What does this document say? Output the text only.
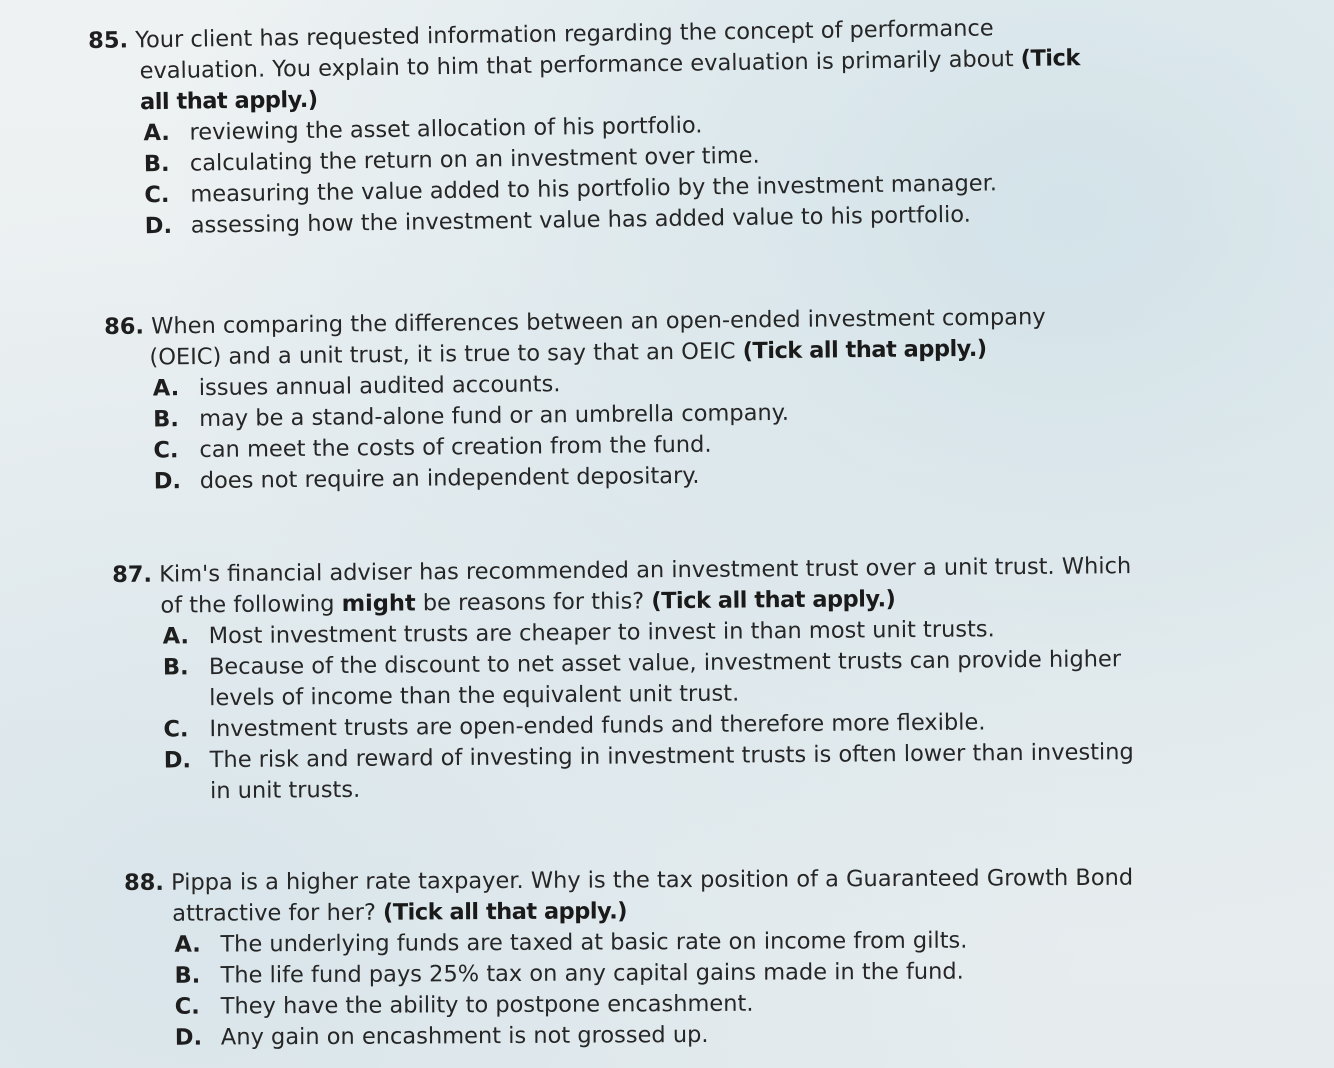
85. Your client has requested information regarding the concept of performance
evaluation. You explain to him that performance evaluation is primarily about (Tick
all that apply.)
A. reviewing the asset allocation of his portfolio.
B. calculating the return on an investment over time.
C. measuring the value added to his portfolio by the investment manager.
D. assessing how the investment value has added value to his portfolio.
86. When comparing the differences between an open-ended investment company
(OEIC) and a unit trust, it is true to say that an OEIC (Tick all that apply.)
A. issues annual audited accounts.
B. may be a stand-alone fund or an umbrella company.
C. can meet the costs of creation from the fund.
D. does not require an independent depositary.
87. Kim's financial adviser has recommended an investment trust over a unit trust. Which
of the following might be reasons for this? (Tick all that apply.)
A. Most investment trusts are cheaper to invest in than most unit trusts.
B. Because of the discount to net asset value, investment trusts can provide higher
levels of income than the equivalent unit trust.
C. Investment trusts are open-ended funds and therefore more flexible.
D. The risk and reward of investing in investment trusts is often lower than investing
in unit trusts.
88. Pippa is a higher rate taxpayer. Why is the tax position of a Guaranteed Growth Bond
attractive for her? (Tick all that apply.)
A. The underlying funds are taxed at basic rate on income from gilts.
B. The life fund pays 25% tax on any capital gains made in the fund.
C. They have the ability to postpone encashment.
D. Any gain on encashment is not grossed up.
